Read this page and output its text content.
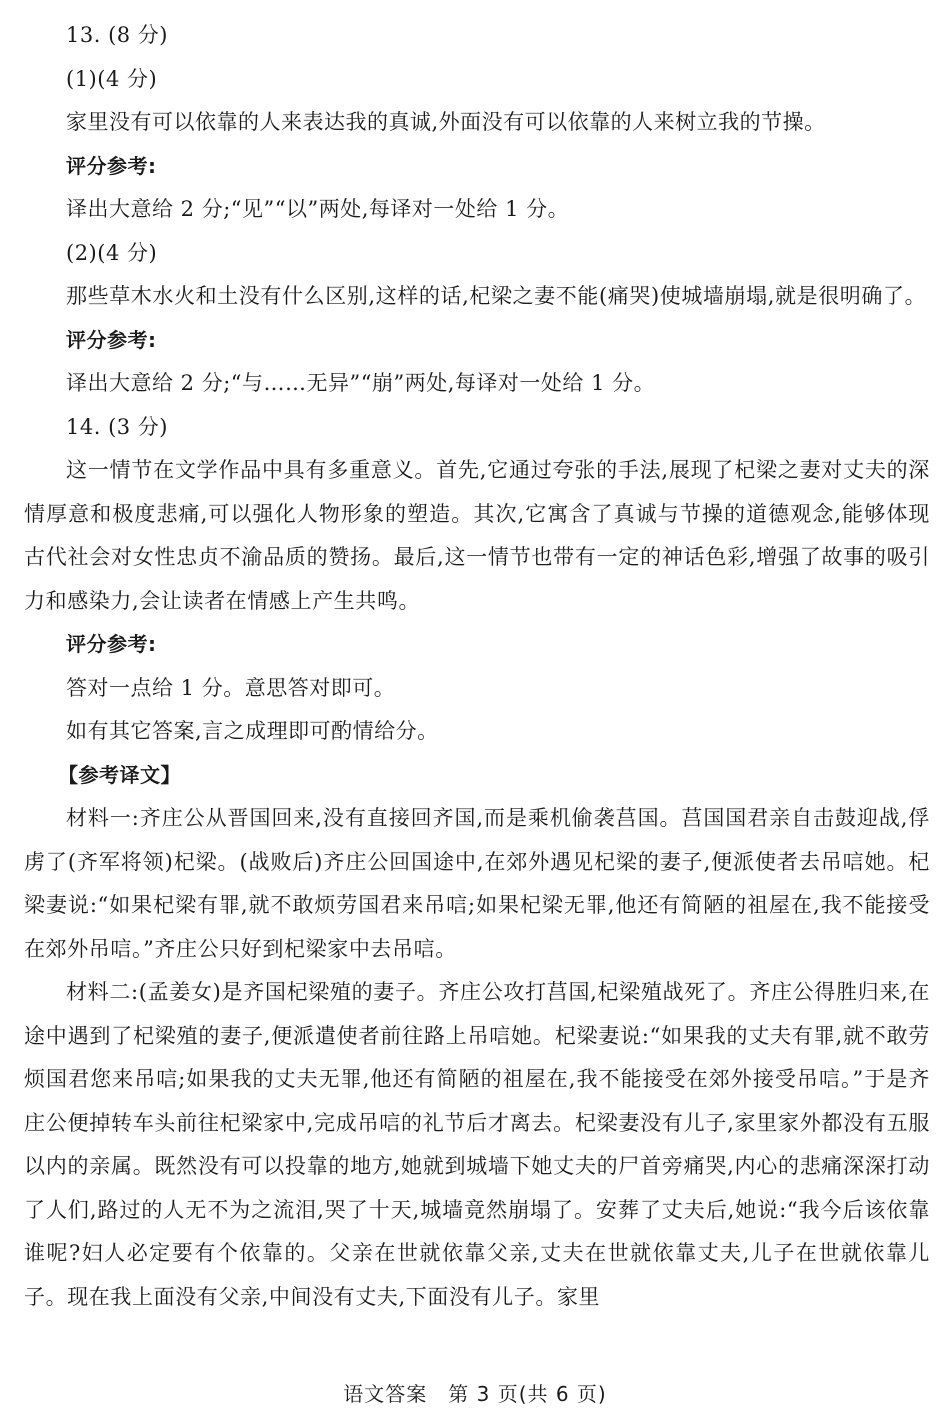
13. (8 分)
(1)(4 分)
家里没有可以依靠的人来表达我的真诚,外面没有可以依靠的人来树立我的节操。
评分参考:
译出大意给 2 分;“见”“以”两处,每译对一处给 1 分。
(2)(4 分)

那些草木水火和土没有什么区别,这样的话,杞梁之妻不能(痛哭)使城墙崩塌,就是很明确了。

评分参考:
译出大意给 2 分;“与……无异”“崩”两处,每译对一处给 1 分。
14. (3 分)

这一情节在文学作品中具有多重意义。首先,它通过夸张的手法,展现了杞梁之妻对丈夫的深情厚意和极度悲痛,可以强化人物形象的塑造。其次,它寓含了真诚与节操的道德观念,能够体现古代社会对女性忠贞不渝品质的赞扬。最后,这一情节也带有一定的神话色彩,增强了故事的吸引力和感染力,会让读者在情感上产生共鸣。

评分参考:
答对一点给 1 分。意思答对即可。
如有其它答案,言之成理即可酌情给分。
【参考译文】

材料一:齐庄公从晋国回来,没有直接回齐国,而是乘机偷袭莒国。莒国国君亲自击鼓迎战,俘虏了(齐军将领)杞梁。(战败后)齐庄公回国途中,在郊外遇见杞梁的妻子,便派使者去吊唁她。杞梁妻说:“如果杞梁有罪,就不敢烦劳国君来吊唁;如果杞梁无罪,他还有简陋的祖屋在,我不能接受在郊外吊唁。”齐庄公只好到杞梁家中去吊唁。

材料二:(孟姜女)是齐国杞梁殖的妻子。齐庄公攻打莒国,杞梁殖战死了。齐庄公得胜归来,在途中遇到了杞梁殖的妻子,便派遣使者前往路上吊唁她。杞梁妻说:“如果我的丈夫有罪,就不敢劳烦国君您来吊唁;如果我的丈夫无罪,他还有简陋的祖屋在,我不能接受在郊外接受吊唁。”于是齐庄公便掉转车头前往杞梁家中,完成吊唁的礼节后才离去。杞梁妻没有儿子,家里家外都没有五服以内的亲属。既然没有可以投靠的地方,她就到城墙下她丈夫的尸首旁痛哭,内心的悲痛深深打动了人们,路过的人无不为之流泪,哭了十天,城墙竟然崩塌了。安葬了丈夫后,她说:“我今后该依靠谁呢?妇人必定要有个依靠的。父亲在世就依靠父亲,丈夫在世就依靠丈夫,儿子在世就依靠儿子。现在我上面没有父亲,中间没有丈夫,下面没有儿子。家里

语文答案　第 3 页(共 6 页)
